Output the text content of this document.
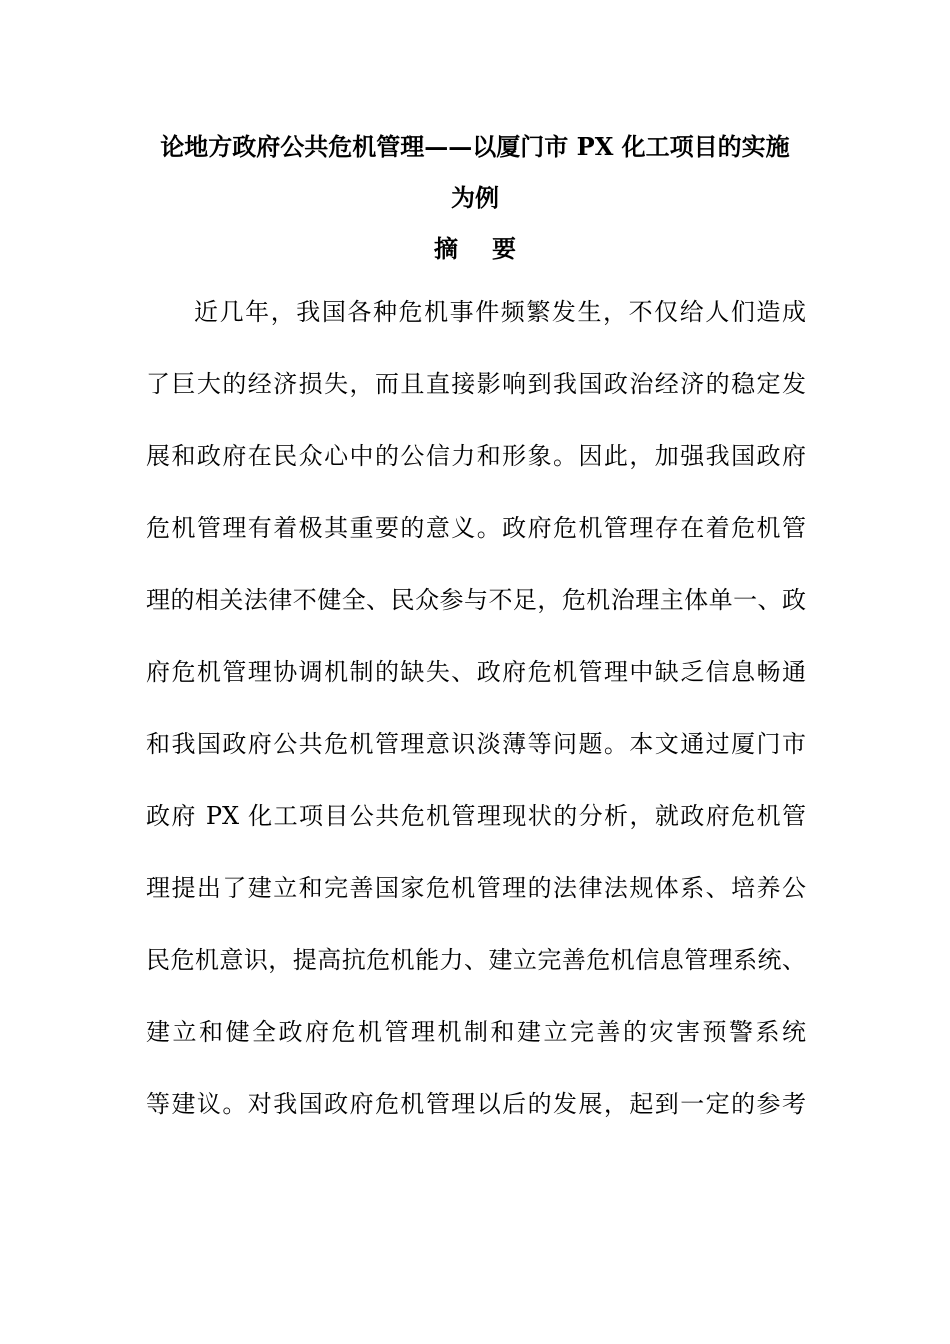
论地方政府公共危机管理——以厦门市 PX 化工项目的实施
为例
摘要
近几年，我国各种危机事件频繁发生，不仅给人们造成
了巨大的经济损失，而且直接影响到我国政治经济的稳定发
展和政府在民众心中的公信力和形象。因此，加强我国政府
危机管理有着极其重要的意义。政府危机管理存在着危机管
理的相关法律不健全、民众参与不足，危机治理主体单一、政
府危机管理协调机制的缺失、政府危机管理中缺乏信息畅通
和我国政府公共危机管理意识淡薄等问题。本文通过厦门市
政府 PX 化工项目公共危机管理现状的分析，就政府危机管
理提出了建立和完善国家危机管理的法律法规体系、培养公
民危机意识，提高抗危机能力、建立完善危机信息管理系统、
建立和健全政府危机管理机制和建立完善的灾害预警系统
等建议。对我国政府危机管理以后的发展，起到一定的参考
